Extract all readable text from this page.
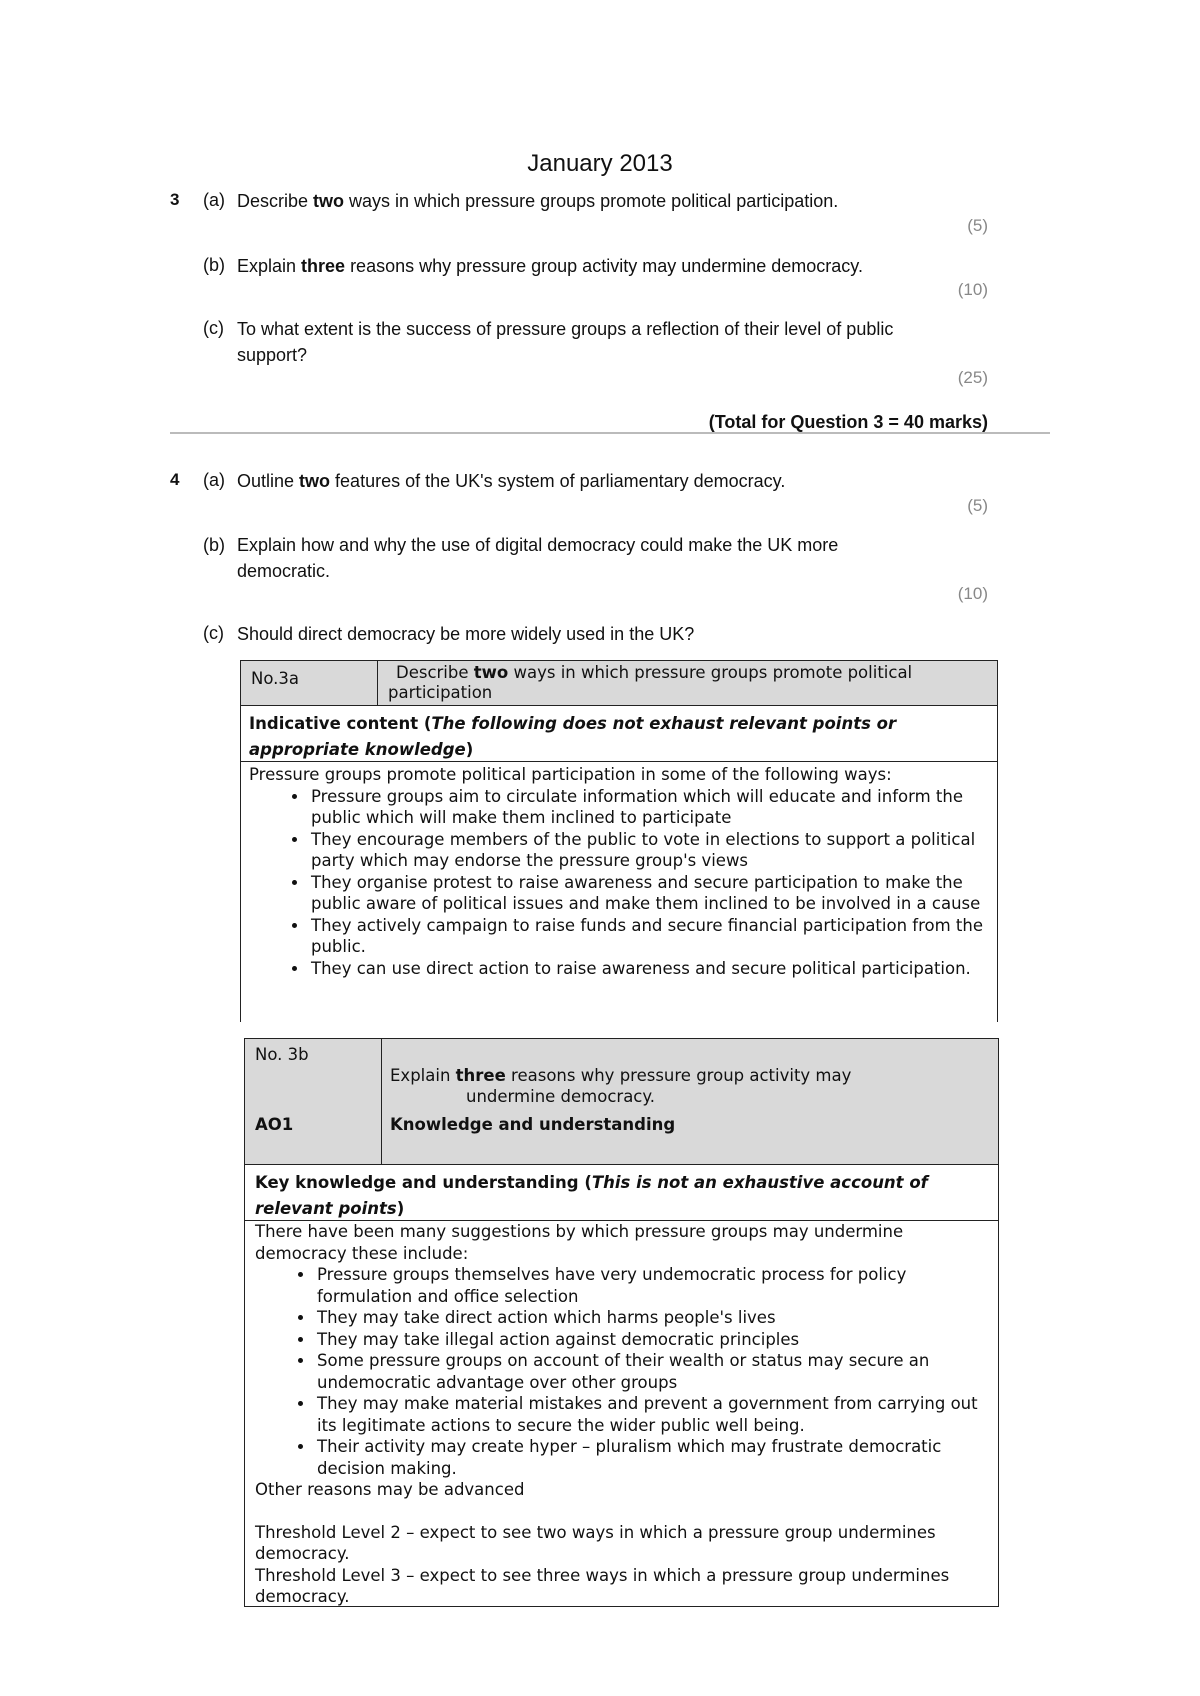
January 2013
3 (a) Describe two ways in which pressure groups promote political participation.
(5)
(b) Explain three reasons why pressure group activity may undermine democracy.
(10)
(c) To what extent is the success of pressure groups a reflection of their level of public support?
(25)
(Total for Question 3 = 40 marks)
4 (a) Outline two features of the UK's system of parliamentary democracy.
(5)
(b) Explain how and why the use of digital democracy could make the UK more democratic.
(10)
(c) Should direct democracy be more widely used in the UK?
No.3a	Describe two ways in which pressure groups promote political participation
Indicative content (The following does not exhaust relevant points or appropriate knowledge)

Pressure groups promote political participation in some of the following ways:

• Pressure groups aim to circulate information which will educate and inform the public which will make them inclined to participate
• They encourage members of the public to vote in elections to support a political party which may endorse the pressure group's views
• They organise protest to raise awareness and secure participation to make the public aware of political issues and make them inclined to be involved in a cause
• They actively campaign to raise funds and secure financial participation from the public.
• They can use direct action to raise awareness and secure political participation.
No. 3b
AO1
Explain three reasons why pressure group activity may
undermine democracy.
Knowledge and understanding
Key knowledge and understanding (This is not an exhaustive account of relevant points)

There have been many suggestions by which pressure groups may undermine democracy these include:

• Pressure groups themselves have very undemocratic process for policy formulation and office selection
• They may take direct action which harms people's lives
• They may take illegal action against democratic principles
• Some pressure groups on account of their wealth or status may secure an undemocratic advantage over other groups
• They may make material mistakes and prevent a government from carrying out its legitimate actions to secure the wider public well being.
• Their activity may create hyper – pluralism which may frustrate democratic decision making.

Other reasons may be advanced

Threshold Level 2 – expect to see two ways in which a pressure group undermines democracy.

Threshold Level 3 – expect to see three ways in which a pressure group undermines democracy.
